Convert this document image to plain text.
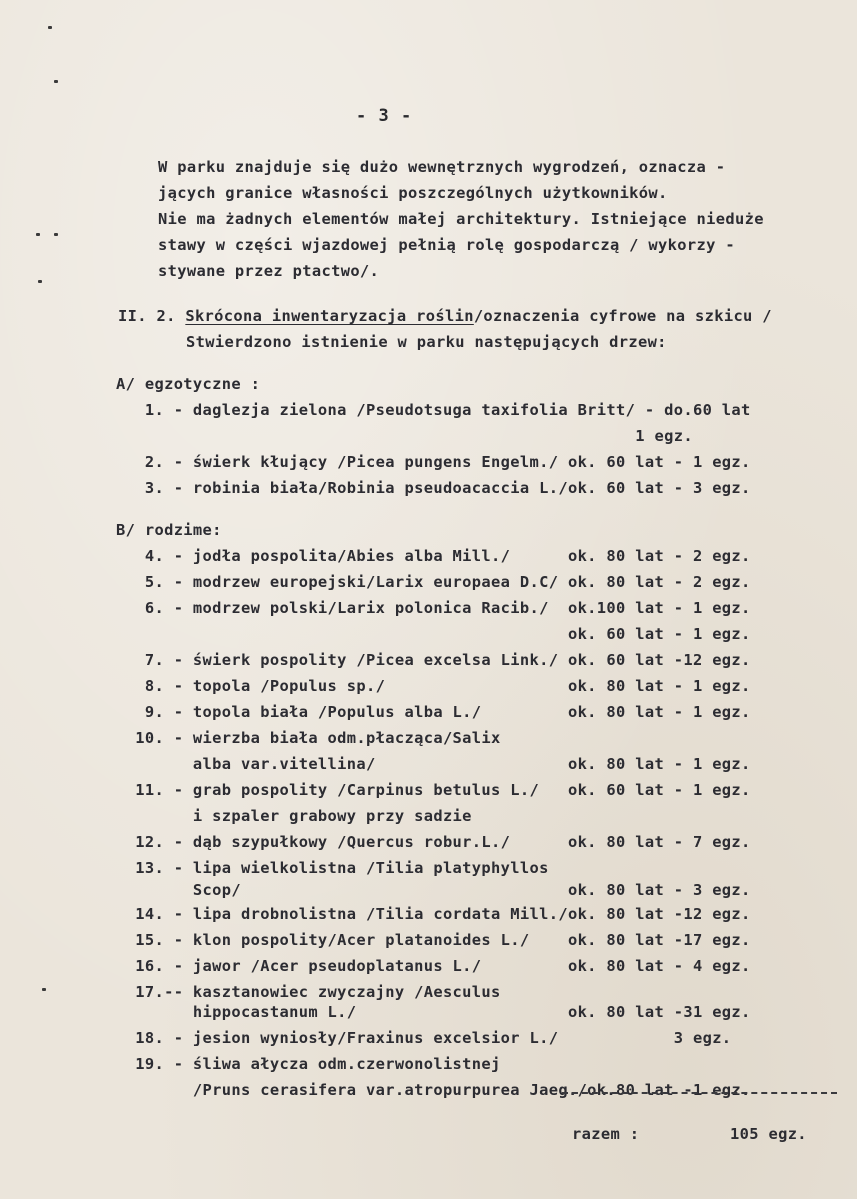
- 3 -
W parku znajduje się dużo wewnętrznych wygrodzeń, oznacza -
jących granice własności poszczególnych użytkowników.
Nie ma żadnych elementów małej architektury. Istniejące nieduże
stawy w części wjazdowej pełnią rolę gospodarczą / wykorzy -
stywane przez ptactwo/.
II. 2. Skrócona inwentaryzacja roślin/oznaczenia cyfrowe na szkicu /
Stwierdzono istnienie w parku następujących drzew:
A/ egzotyczne :
1. - daglezja zielona /Pseudotsuga taxifolia Britt/ - do.60 lat
1 egz.
2. - świerk kłujący /Picea pungens Engelm./ ok. 60 lat - 1 egz.
3. - robinia biała/Robinia pseudoacaccia L./ok. 60 lat - 3 egz.
B/ rodzime:
4. - jodła pospolita/Abies alba Mill./      ok. 80 lat - 2 egz.
5. - modrzew europejski/Larix europaea D.C/ ok. 80 lat - 2 egz.
6. - modrzew polski/Larix polonica Racib./  ok.100 lat - 1 egz.
ok. 60 lat - 1 egz.
7. - świerk pospolity /Picea excelsa Link./ ok. 60 lat -12 egz.
8. - topola /Populus sp./                   ok. 80 lat - 1 egz.
9. - topola biała /Populus alba L./         ok. 80 lat - 1 egz.
10. - wierzba biała odm.płacząca/Salix
alba var.vitellina/                    ok. 80 lat - 1 egz.
11. - grab pospolity /Carpinus betulus L./   ok. 60 lat - 1 egz.
i szpaler grabowy przy sadzie
12. - dąb szypułkowy /Quercus robur.L./      ok. 80 lat - 7 egz.
13. - lipa wielkolistna /Tilia platyphyllos
Scop/                                  ok. 80 lat - 3 egz.
14. - lipa drobnolistna /Tilia cordata Mill./ok. 80 lat -12 egz.
15. - klon pospolity/Acer platanoides L./    ok. 80 lat -17 egz.
16. - jawor /Acer pseudoplatanus L./         ok. 80 lat - 4 egz.
17.-- kasztanowiec zwyczajny /Aesculus
hippocastanum L./                      ok. 80 lat -31 egz.
18. - jesion wyniosły/Fraxinus excelsior L./            3 egz.
19. - śliwa ałycza odm.czerwonolistnej
/Pruns cerasifera var.atropurpurea Jaeg./ok.80 lat -1 egz.
razem :	105 egz.
